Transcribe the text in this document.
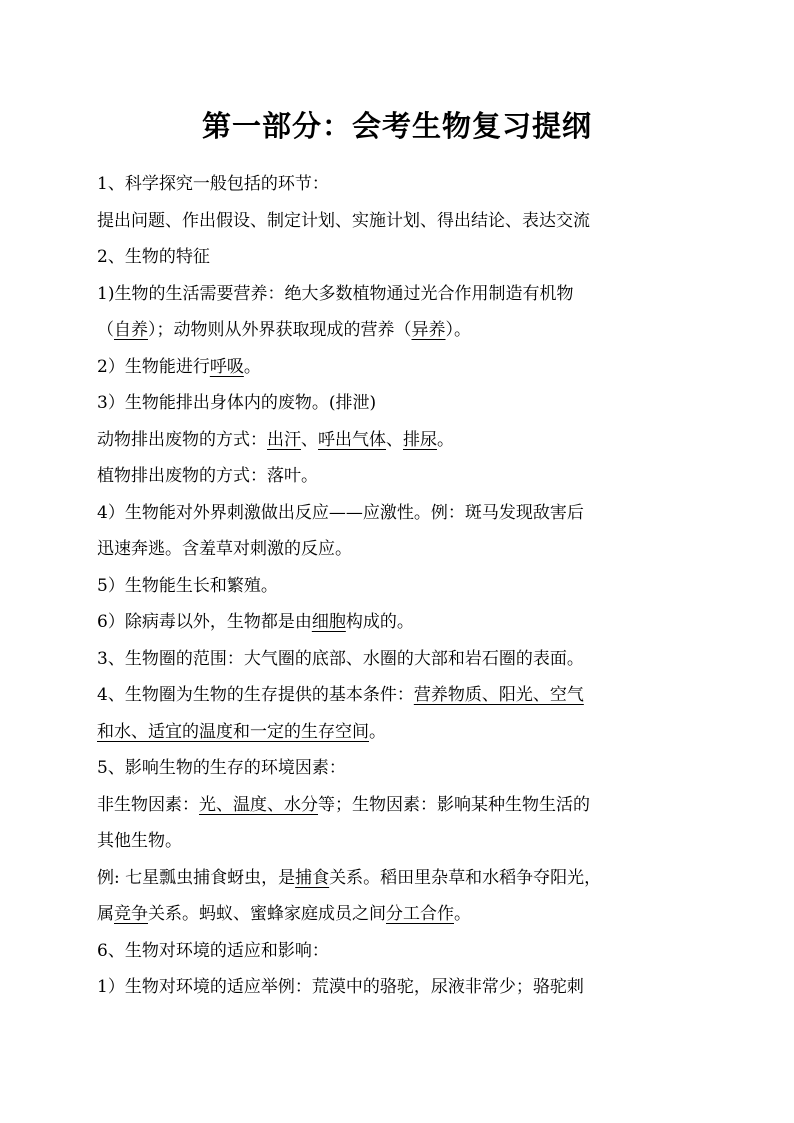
第一部分：会考生物复习提纲
1、科学探究一般包括的环节：
提出问题、作出假设、制定计划、实施计划、得出结论、表达交流
2、生物的特征
1)生物的生活需要营养：绝大多数植物通过光合作用制造有机物
（自养）；动物则从外界获取现成的营养（异养）。
2）生物能进行呼吸。
3）生物能排出身体内的废物。(排泄)
动物排出废物的方式：出汗、呼出气体、排尿。
植物排出废物的方式：落叶。
4）生物能对外界刺激做出反应——应激性。例：斑马发现敌害后
迅速奔逃。含羞草对刺激的反应。
5）生物能生长和繁殖。
6）除病毒以外，生物都是由细胞构成的。
3、生物圈的范围：大气圈的底部、水圈的大部和岩石圈的表面。
4、生物圈为生物的生存提供的基本条件：营养物质、阳光、空气
和水、适宜的温度和一定的生存空间。
5、影响生物的生存的环境因素：
非生物因素：光、温度、水分等；生物因素：影响某种生物生活的
其他生物。
例: 七星瓢虫捕食蚜虫，是捕食关系。稻田里杂草和水稻争夺阳光，
属竞争关系。蚂蚁、蜜蜂家庭成员之间分工合作。
6、生物对环境的适应和影响：
1）生物对环境的适应举例：荒漠中的骆驼，尿液非常少；骆驼刺
